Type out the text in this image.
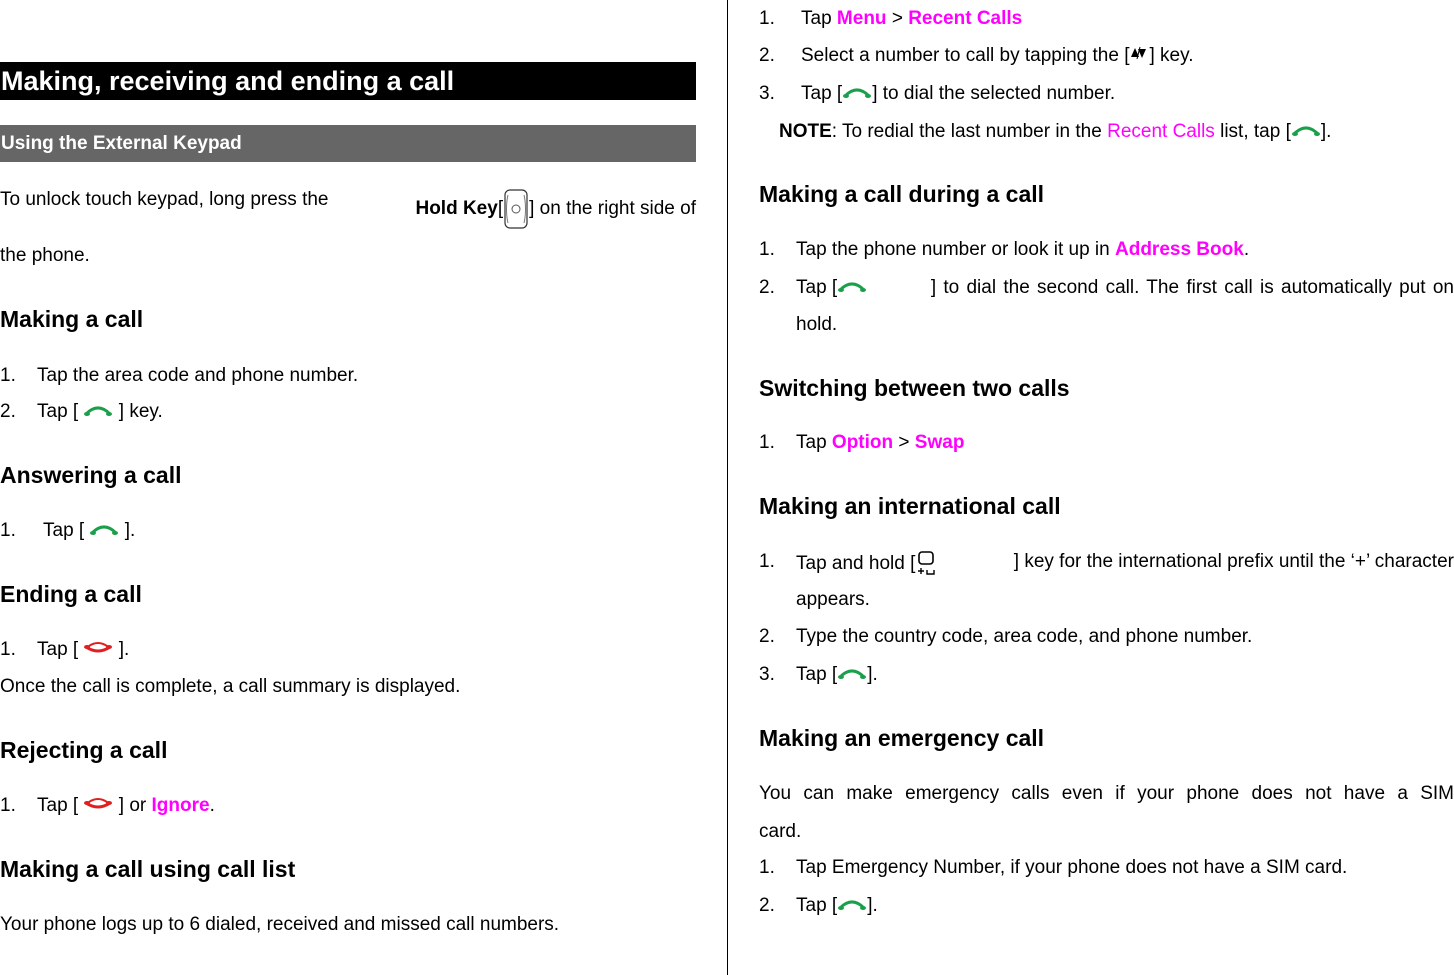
Making, receiving and ending a call
Using the External Keypad
To unlock touch keypad, long press the	Hold Key[ ] on the right side of
the phone.
Making a call
1. Tap the area code and phone number.
2. Tap [ ] key.
Answering a call
1. Tap [ ].
Ending a call
1. Tap [ ].
Once the call is complete, a call summary is displayed.
Rejecting a call
1. Tap [ ] or Ignore.
Making a call using call list
Your phone logs up to 6 dialed, received and missed call numbers.
1. Tap Menu > Recent Calls
2. Select a number to call by tapping the [ ] key.
3. Tap [ ] to dial the selected number.
NOTE: To redial the last number in the Recent Calls list, tap [ ].
Making a call during a call
1. Tap the phone number or look it up in Address Book.
2.	Tap [	] to dial the second call. The first call is automatically put on
hold.
Switching between two calls
1. Tap Option > Swap
Making an international call
1.	Tap and hold [	] key for the international prefix until the ‘+’ character
appears.
2. Type the country code, area code, and phone number.
3. Tap [ ].
Making an emergency call
You can make emergency calls even if your phone does not have a SIM
card.
1. Tap Emergency Number, if your phone does not have a SIM card.
2. Tap [ ].
